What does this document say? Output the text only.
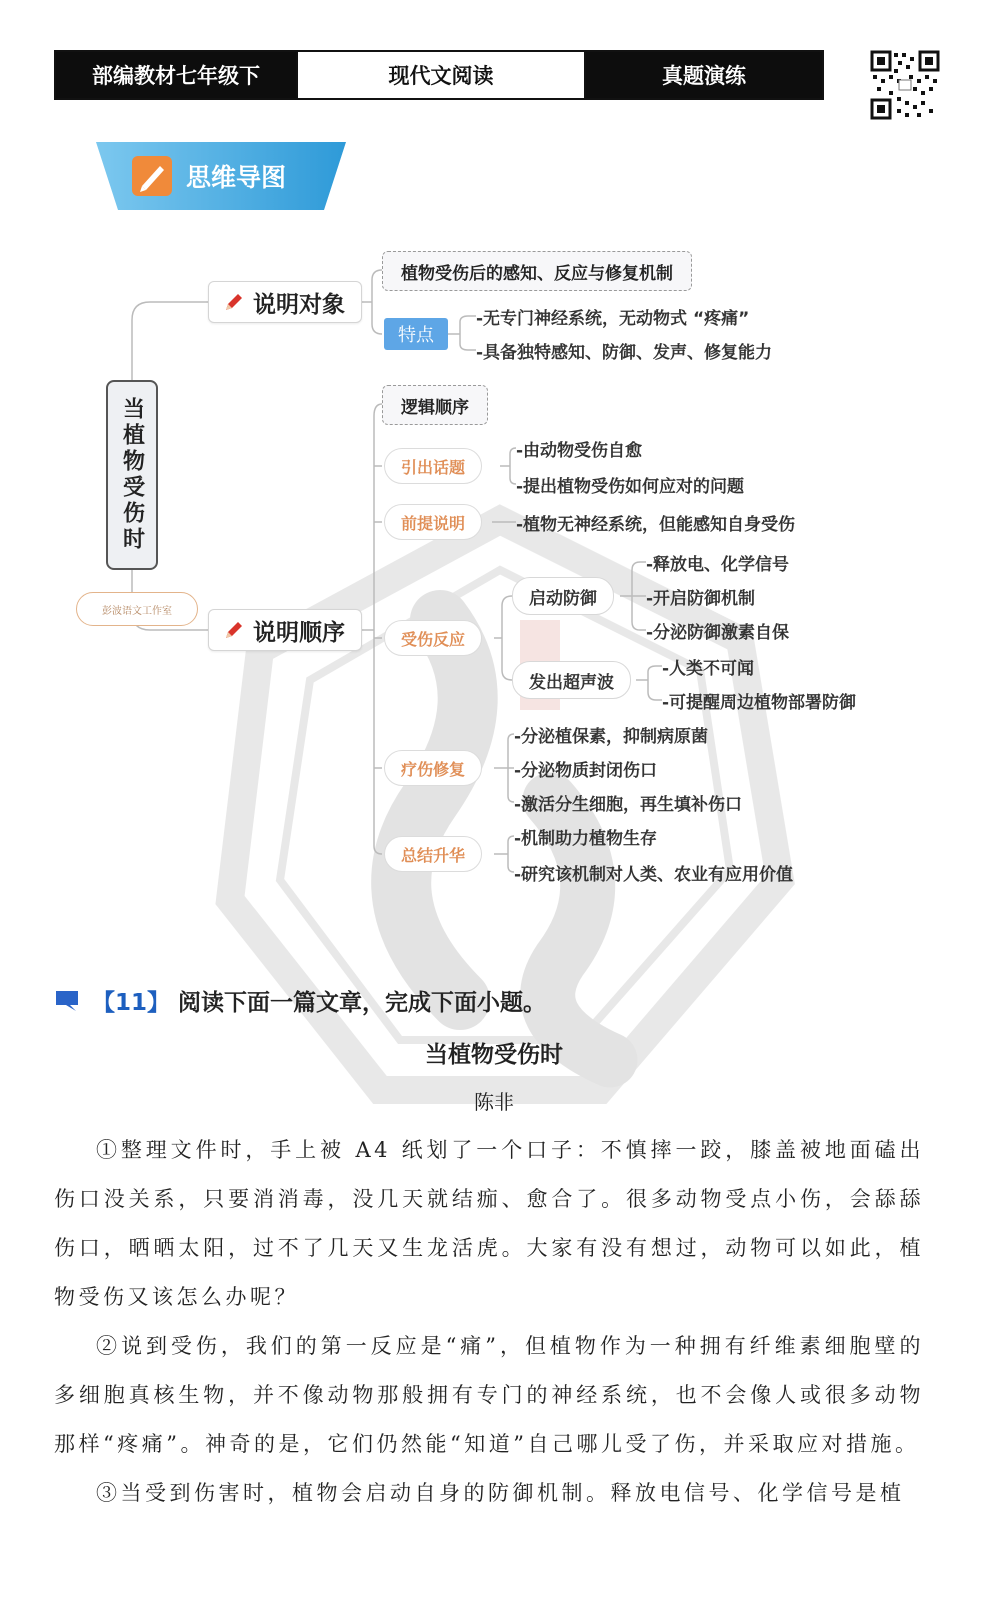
部编教材七年级下	现代文阅读	真题演练
思维导图
当植物受伤时
彭波语文工作室
说明对象
植物受伤后的感知、反应与修复机制
特点
-无专门神经系统，无动物式 “疼痛”
-具备独特感知、防御、发声、修复能力
说明顺序
逻辑顺序
引出话题
-由动物受伤自愈
-提出植物受伤如何应对的问题
前提说明	-植物无神经系统，但能感知自身受伤
受伤反应
启动防御
-释放电、化学信号
-开启防御机制
-分泌防御激素自保
发出超声波
-人类不可闻
-可提醒周边植物部署防御
疗伤修复
-分泌植保素，抑制病原菌
-分泌物质封闭伤口
-激活分生细胞，再生填补伤口
总结升华
-机制助力植物生存
-研究该机制对人类、农业有应用价值
【11】 阅读下面一篇文章，完成下面小题。
当植物受伤时
陈非

①整理文件时，手上被 A4 纸划了一个口子：不慎摔一跤，膝盖被地面磕出伤口没关系，只要消消毒，没几天就结痂、愈合了。很多动物受点小伤，会舔舔伤口，晒晒太阳，过不了几天又生龙活虎。大家有没有想过，动物可以如此，植物受伤又该怎么办呢？

②说到受伤，我们的第一反应是“痛”，但植物作为一种拥有纤维素细胞壁的多细胞真核生物，并不像动物那般拥有专门的神经系统，也不会像人或很多动物那样“疼痛”。神奇的是，它们仍然能“知道”自己哪儿受了伤，并采取应对措施。

③当受到伤害时，植物会启动自身的防御机制。释放电信号、化学信号是植
